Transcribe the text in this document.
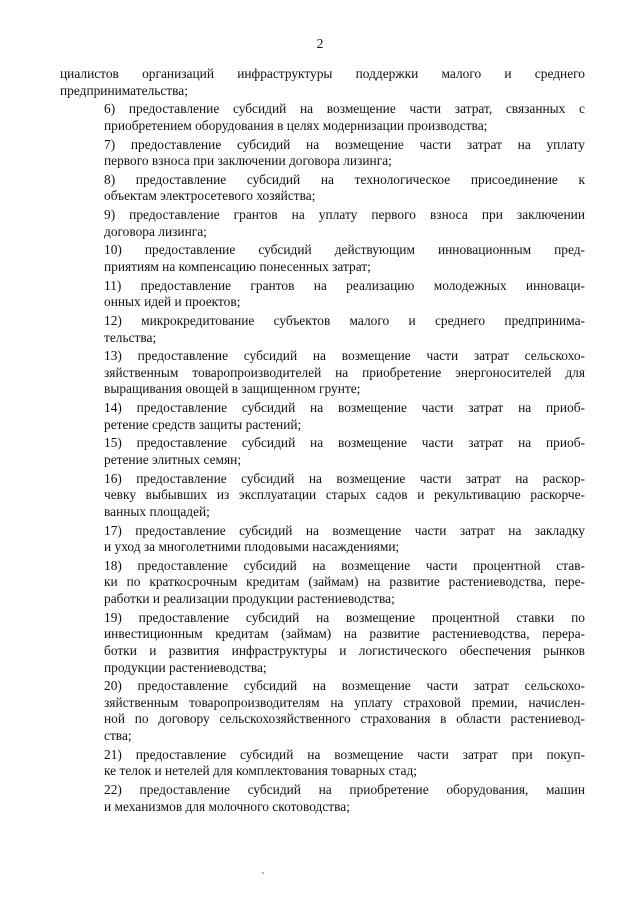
2

циалистов организаций инфраструктуры поддержки малого и среднего
предпринимательства;

6) предоставление субсидий на возмещение части затрат, связанных с
приобретением оборудования в целях модернизации производства;

7) предоставление субсидий на возмещение части затрат на уплату
первого взноса при заключении договора лизинга;

8) предоставление субсидий на технологическое присоединение к
объектам электросетевого хозяйства;

9) предоставление грантов на уплату первого взноса при заключении
договора лизинга;

10) предоставление субсидий действующим инновационным пред-
приятиям на компенсацию понесенных затрат;

11) предоставление грантов на реализацию молодежных инноваци-
онных идей и проектов;

12) микрокредитование субъектов малого и среднего предпринима-
тельства;

13) предоставление субсидий на возмещение части затрат сельскохо-
зяйственным товаропроизводителей на приобретение энергоносителей для
выращивания овощей в защищенном грунте;

14) предоставление субсидий на возмещение части затрат на приоб-
ретение средств защиты растений;

15) предоставление субсидий на возмещение части затрат на приоб-
ретение элитных семян;

16) предоставление субсидий на возмещение части затрат на раскор-
чевку выбывших из эксплуатации старых садов и рекультивацию раскорче-
ванных площадей;

17) предоставление субсидий на возмещение части затрат на закладку
и уход за многолетними плодовыми насаждениями;

18) предоставление субсидий на возмещение части процентной став-
ки по краткосрочным кредитам (займам) на развитие растениеводства, пере-
работки и реализации продукции растениеводства;

19) предоставление субсидий на возмещение процентной ставки по
инвестиционным кредитам (займам) на развитие растениеводства, перера-
ботки и развития инфраструктуры и логистического обеспечения рынков
продукции растениеводства;

20) предоставление субсидий на возмещение части затрат сельскохо-
зяйственным товаропроизводителям на уплату страховой премии, начислен-
ной по договору сельскохозяйственного страхования в области растениевод-
ства;

21) предоставление субсидий на возмещение части затрат при покуп-
ке телок и нетелей для комплектования товарных стад;

22) предоставление субсидий на приобретение оборудования, машин
и механизмов для молочного скотоводства;
